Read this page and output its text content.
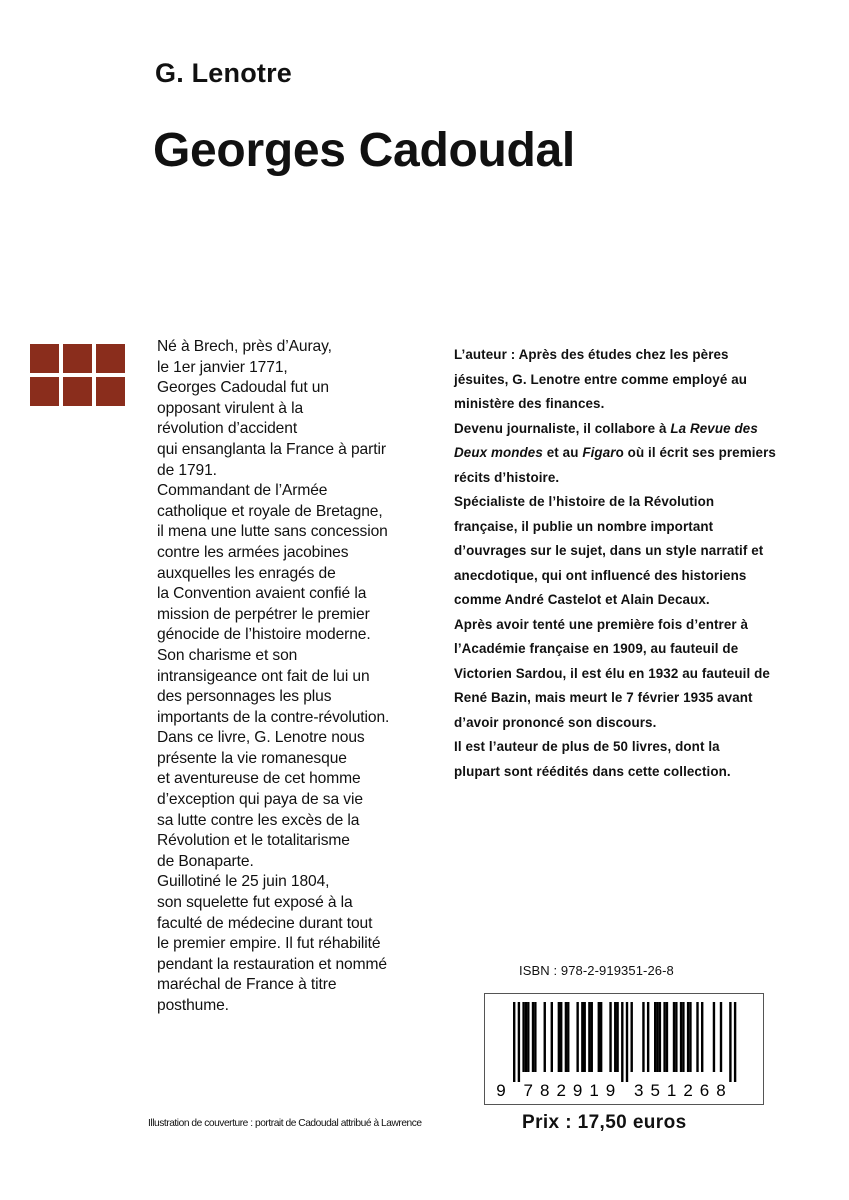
G. Lenotre
Georges Cadoudal

Né à Brech, près d’Auray,
le 1er janvier 1771,
Georges Cadoudal fut un
opposant virulent à la
révolution d’accident
qui ensanglanta la France à partir
de 1791.

Commandant de l’Armée
catholique et royale de Bretagne,
il mena une lutte sans concession
contre les armées jacobines
auxquelles les enragés de
la Convention avaient confié la
mission de perpétrer le premier
génocide de l’histoire moderne.

Son charisme et son
intransigeance ont fait de lui un
des personnages les plus
importants de la contre-révolution.

Dans ce livre, G. Lenotre nous
présente la vie romanesque
et aventureuse de cet homme
d’exception qui paya de sa vie
sa lutte contre les excès de la
Révolution et le totalitarisme
de Bonaparte.

Guillotiné le 25 juin 1804,
son squelette fut exposé à la
faculté de médecine durant tout
le premier empire. Il fut réhabilité
pendant la restauration et nommé
maréchal de France à titre
posthume.

L’auteur : Après des études chez les pères jésuites, G. Lenotre entre comme employé au ministère des finances.

Devenu journaliste, il collabore à La Revue des Deux mondes et au Figaro où il écrit ses premiers récits d’histoire.

Spécialiste de l’histoire de la Révolution française, il publie un nombre important d’ouvrages sur le sujet, dans un style narratif et anecdotique, qui ont influencé des historiens comme André Castelot et Alain Decaux.

Après avoir tenté une première fois d’entrer à l’Académie française en 1909, au fauteuil de Victorien Sardou, il est élu en 1932 au fauteuil de René Bazin, mais meurt le 7 février 1935 avant d’avoir prononcé son discours.

Il est l’auteur de plus de 50 livres, dont la plupart sont réédités dans cette collection.

ISBN : 978-2-919351-26-8
9 7 8 2 9 1 9 3 5 1 2 6 8
Illustration de couverture : portrait de Cadoudal attribué à Lawrence	Prix : 17,50 euros
